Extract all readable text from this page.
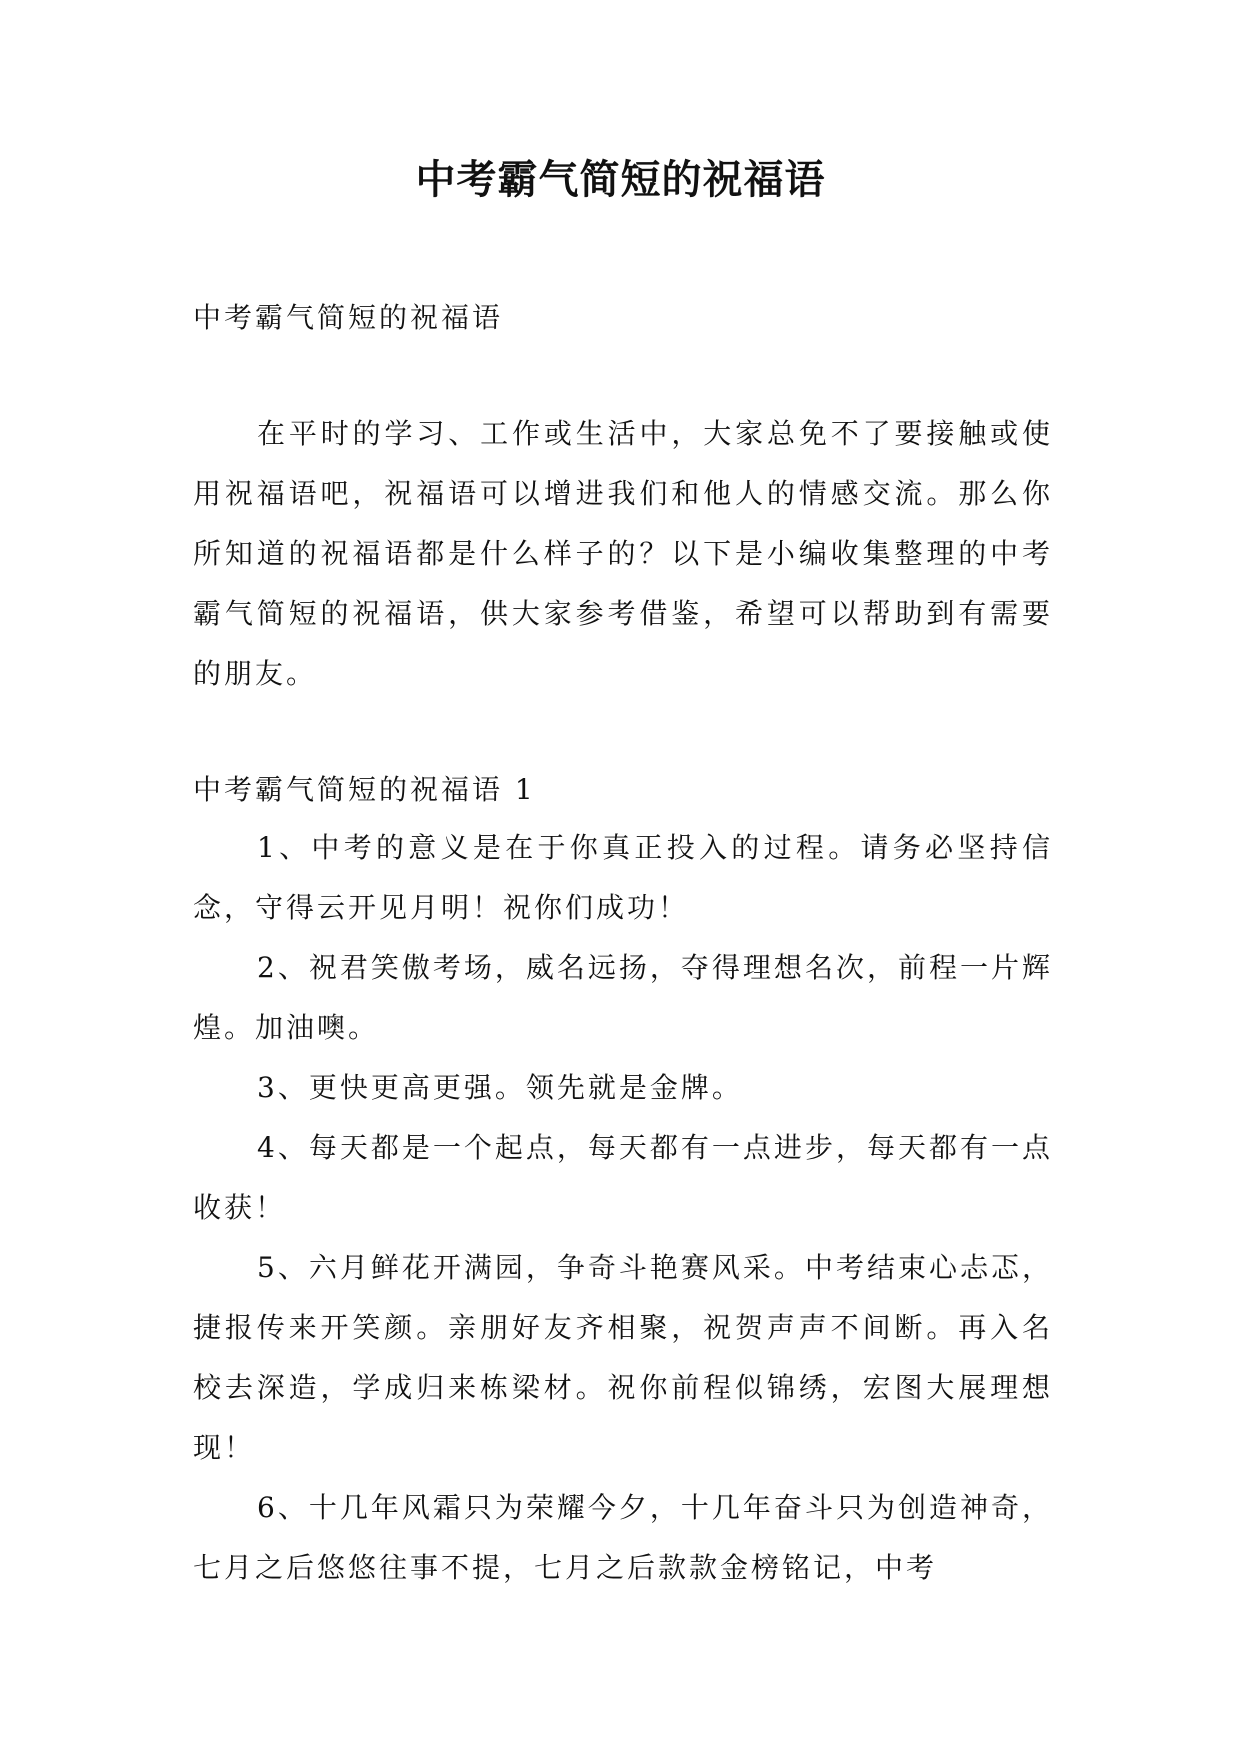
中考霸气简短的祝福语

中考霸气简短的祝福语

在平时的学习、工作或生活中，大家总免不了要接触或使用祝福语吧，祝福语可以增进我们和他人的情感交流。那么你所知道的祝福语都是什么样子的？以下是小编收集整理的中考霸气简短的祝福语，供大家参考借鉴，希望可以帮助到有需要的朋友。

中考霸气简短的祝福语 1

1、中考的意义是在于你真正投入的过程。请务必坚持信念，守得云开见月明！祝你们成功！

2、祝君笑傲考场，威名远扬，夺得理想名次，前程一片辉煌。加油噢。

3、更快更高更强。领先就是金牌。

4、每天都是一个起点，每天都有一点进步，每天都有一点收获！

5、六月鲜花开满园，争奇斗艳赛风采。中考结束心忐忑，捷报传来开笑颜。亲朋好友齐相聚，祝贺声声不间断。再入名校去深造，学成归来栋梁材。祝你前程似锦绣，宏图大展理想现！

6、十几年风霜只为荣耀今夕，十几年奋斗只为创造神奇，七月之后悠悠往事不提，七月之后款款金榜铭记，中考
